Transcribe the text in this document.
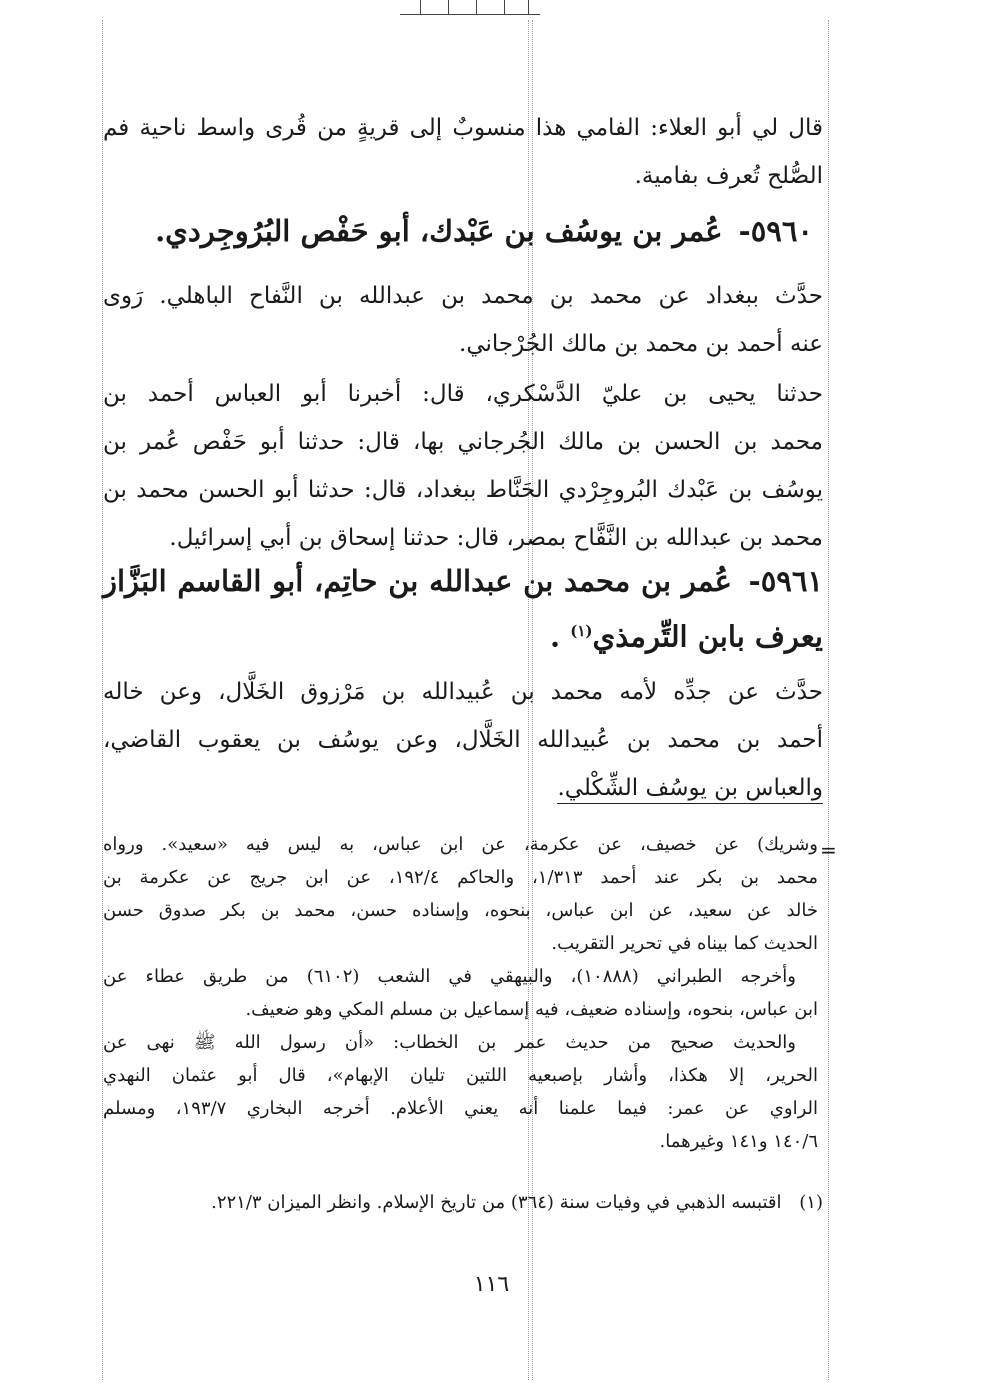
قال لي أبو العلاء: الفامي هذا منسوبٌ إلى قريةٍ من قُرى واسط ناحية فم
الصُّلح تُعرف بفامية.
٥٩٦٠- عُمر بن يوسُف بن عَبْدك، أبو حَفْص البُرُوجِردي.
حدَّث ببغداد عن محمد بن محمد بن عبدالله بن النَّفاح الباهلي. رَوى
عنه أحمد بن محمد بن مالك الجُرْجاني.
حدثنا يحيى بن عليّ الدَّسْكري، قال: أخبرنا أبو العباس أحمد بن
محمد بن الحسن بن مالك الجُرجاني بها، قال: حدثنا أبو حَفْص عُمر بن
يوسُف بن عَبْدك البُروجِرْدي الحَنَّاط ببغداد، قال: حدثنا أبو الحسن محمد بن
محمد بن عبدالله بن النَّفَّاح بمصر، قال: حدثنا إسحاق بن أبي إسرائيل.
٥٩٦١- عُمر بن محمد بن عبدالله بن حاتِم، أبو القاسم البَزَّاز
يعرف بابن التِّرمذي$^{(١)}$ .
حدَّث عن جدِّه لأمه محمد بن عُبيدالله بن مَرْزوق الخَلَّال، وعن خاله
أحمد بن محمد بن عُبيدالله الخَلَّال، وعن يوسُف بن يعقوب القاضي،
والعباس بن يوسُف الشِّكْلي.
=
وشريك) عن خصيف، عن عكرمة، عن ابن عباس، به ليس فيه «سعيد». ورواه
محمد بن بكر عند أحمد ١/٣١٣، والحاكم ١٩٢/٤، عن ابن جريج عن عكرمة بن
خالد عن سعيد، عن ابن عباس، بنحوه، وإسناده حسن، محمد بن بكر صدوق حسن
الحديث كما بيناه في تحرير التقريب.
وأخرجه الطبراني (١٠٨٨٨)، والبيهقي في الشعب (٦١٠٢) من طريق عطاء عن
ابن عباس، بنحوه، وإسناده ضعيف، فيه إسماعيل بن مسلم المكي وهو ضعيف.
والحديث صحيح من حديث عمر بن الخطاب: «أن رسول الله ﷺ نهى عن
الحرير، إلا هكذا، وأشار بإصبعيه اللتين تليان الإبهام»، قال أبو عثمان النهدي
الراوي عن عمر: فيما علمنا أنه يعني الأعلام. أخرجه البخاري ١٩٣/٧، ومسلم
١٤٠/٦ و١٤١ وغيرهما.
(١) اقتبسه الذهبي في وفيات سنة (٣٦٤) من تاريخ الإسلام. وانظر الميزان ٢٢١/٣.
١١٦
